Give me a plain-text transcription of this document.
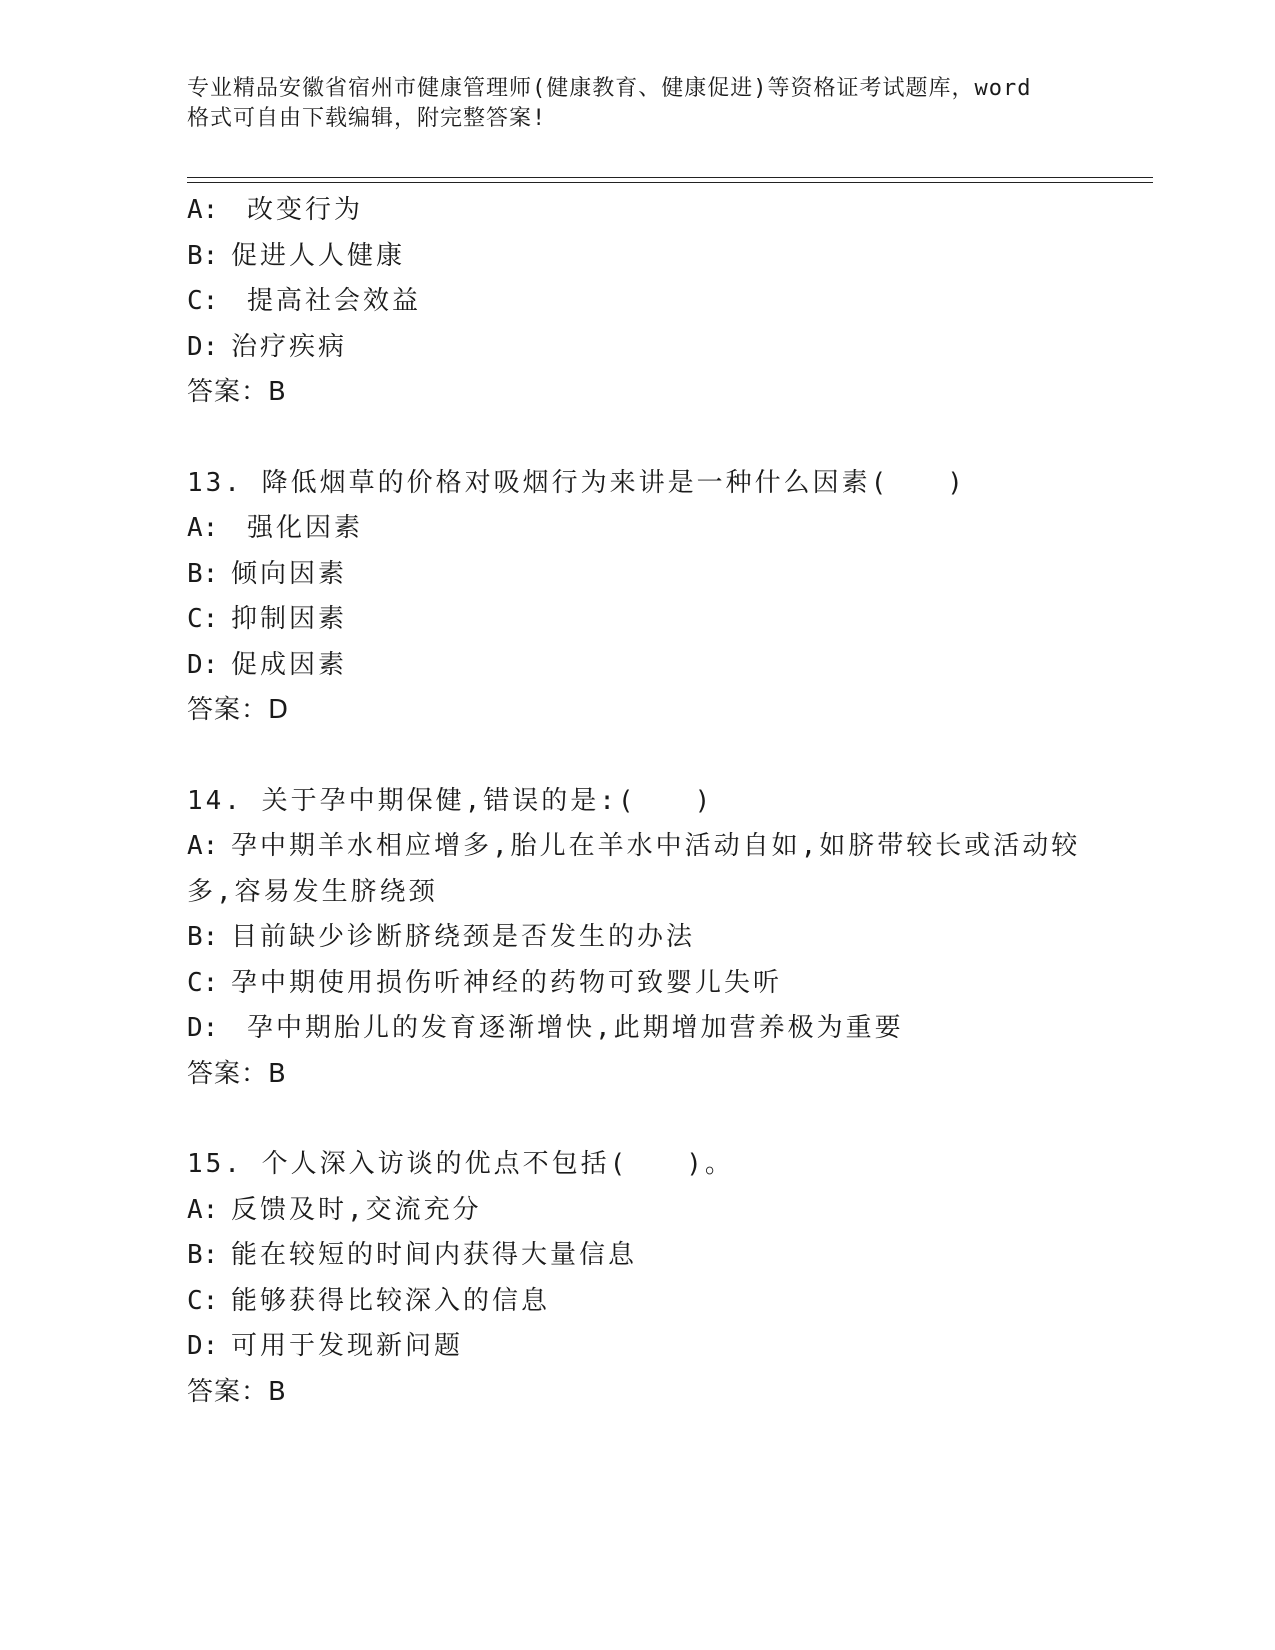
专业精品安徽省宿州市健康管理师(健康教育、健康促进)等资格证考试题库，word
格式可自由下载编辑，附完整答案!
A: 改变行为
B: 促进人人健康
C: 提高社会效益
D: 治疗疾病
答案：B
13. 降低烟草的价格对吸烟行为来讲是一种什么因素(　　)
A: 强化因素
B: 倾向因素
C: 抑制因素
D: 促成因素
答案：D
14. 关于孕中期保健,错误的是:(　　)
A: 孕中期羊水相应增多,胎儿在羊水中活动自如,如脐带较长或活动较
多,容易发生脐绕颈
B: 目前缺少诊断脐绕颈是否发生的办法
C: 孕中期使用损伤听神经的药物可致婴儿失听
D: 孕中期胎儿的发育逐渐增快,此期增加营养极为重要
答案：B
15. 个人深入访谈的优点不包括(　　)。
A: 反馈及时,交流充分
B: 能在较短的时间内获得大量信息
C: 能够获得比较深入的信息
D: 可用于发现新问题
答案：B
